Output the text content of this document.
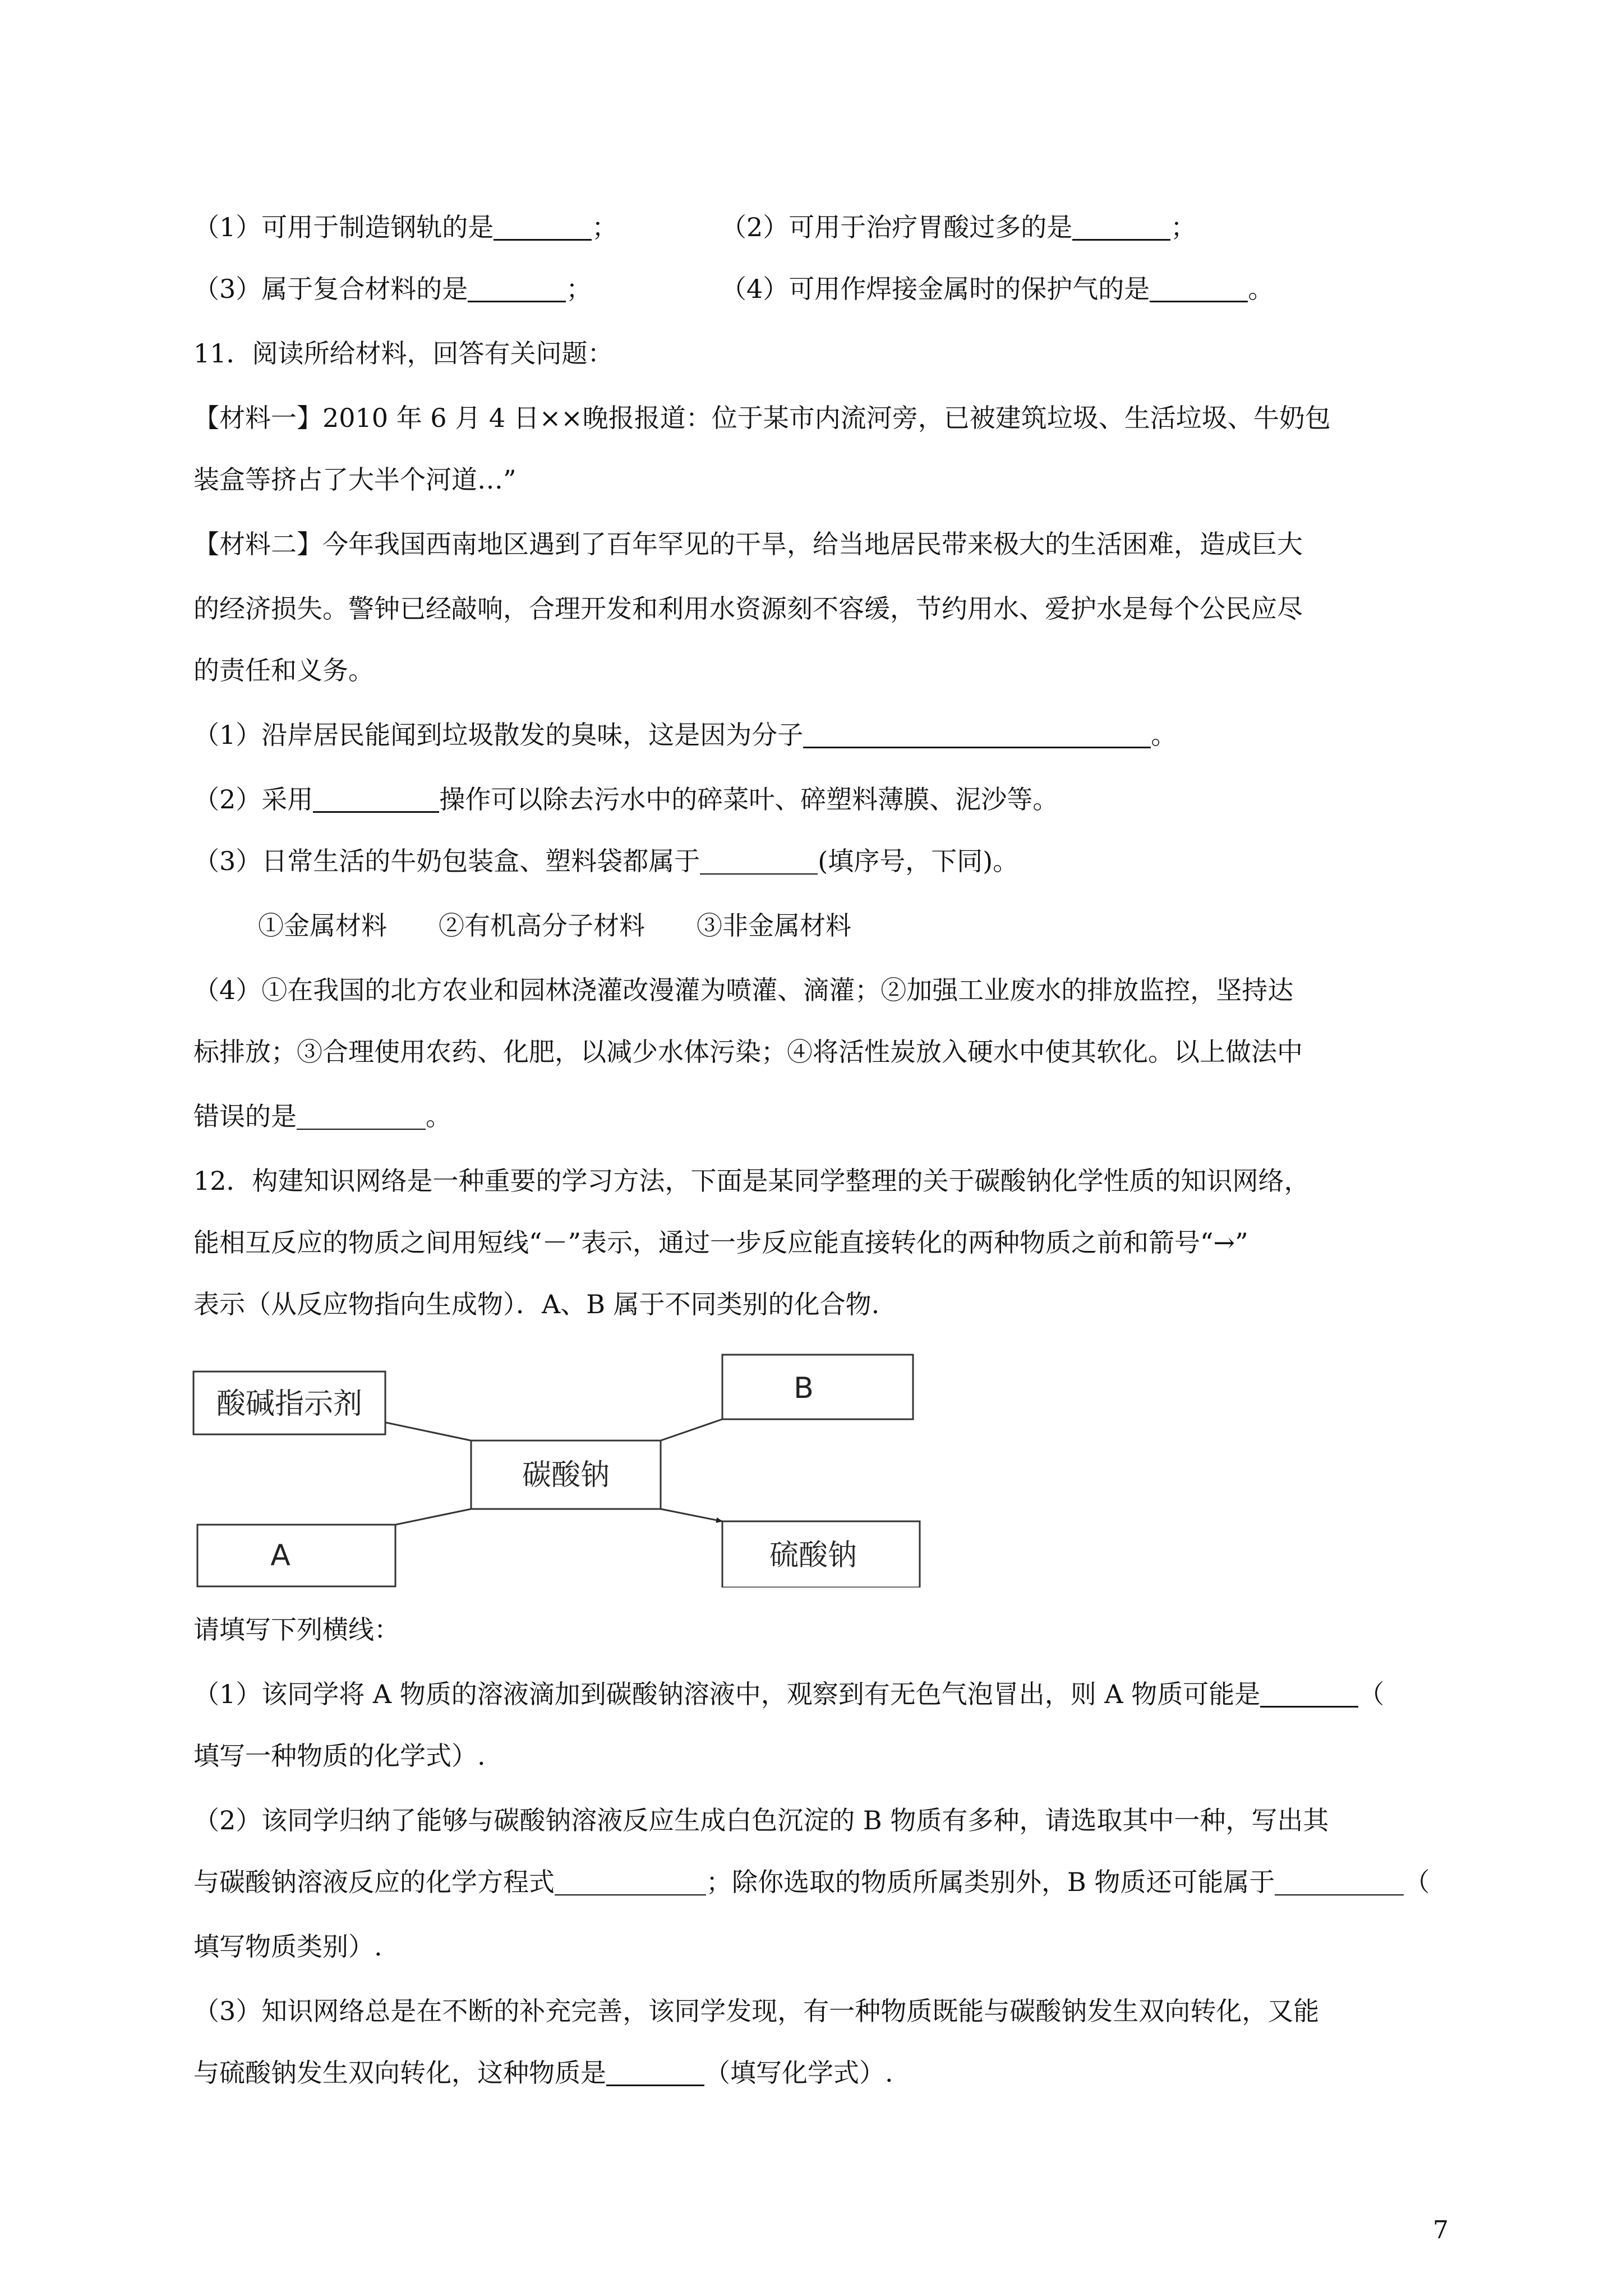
（1）可用于制造钢轨的是	；	（2）可用于治疗胃酸过多的是	；
（3）属于复合材料的是	；	（4）可用作焊接金属时的保护气的是	。
11．阅读所给材料，回答有关问题：
【材料一】2010 年 6 月 4 日××晚报报道：位于某市内流河旁，已被建筑垃圾、生活垃圾、牛奶包
装盒等挤占了大半个河道…”
【材料二】今年我国西南地区遇到了百年罕见的干旱，给当地居民带来极大的生活困难，造成巨大
的经济损失。警钟已经敲响，合理开发和利用水资源刻不容缓，节约用水、爱护水是每个公民应尽
的责任和义务。
（1）沿岸居民能闻到垃圾散发的臭味，这是因为分子	。
（2）采用	操作可以除去污水中的碎菜叶、碎塑料薄膜、泥沙等。
（3）日常生活的牛奶包装盒、塑料袋都属于	(填序号，下同)。
①金属材料 ②有机高分子材料 ③非金属材料
（4）①在我国的北方农业和园林浇灌改漫灌为喷灌、滴灌；②加强工业废水的排放监控，坚持达
标排放；③合理使用农药、化肥，以减少水体污染；④将活性炭放入硬水中使其软化。以上做法中
错误的是	。
12．构建知识网络是一种重要的学习方法，下面是某同学整理的关于碳酸钠化学性质的知识网络，
能相互反应的物质之间用短线“－”表示，通过一步反应能直接转化的两种物质之前和箭号“→”
表示（从反应物指向生成物）．A、B 属于不同类别的化合物.
酸碱指示剂	B
碳酸钠
A	硫酸钠
请填写下列横线：
（1）该同学将 A 物质的溶液滴加到碳酸钠溶液中，观察到有无色气泡冒出，则 A 物质可能是	（
填写一种物质的化学式）.
（2）该同学归纳了能够与碳酸钠溶液反应生成白色沉淀的 B 物质有多种，请选取其中一种，写出其
与碳酸钠溶液反应的化学方程式	；除你选取的物质所属类别外，B 物质还可能属于	（
填写物质类别）.
（3）知识网络总是在不断的补充完善，该同学发现，有一种物质既能与碳酸钠发生双向转化，又能
与硫酸钠发生双向转化，这种物质是	（填写化学式）.
7
